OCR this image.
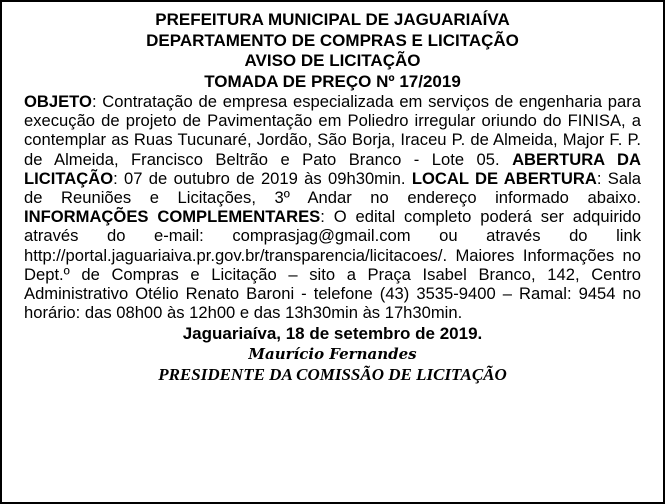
PREFEITURA MUNICIPAL DE JAGUARIAÍVA
DEPARTAMENTO DE COMPRAS E LICITAÇÃO
AVISO DE LICITAÇÃO
TOMADA DE PREÇO Nº 17/2019
OBJETO: Contratação de empresa especializada em serviços de engenharia para execução de projeto de Pavimentação em Poliedro irregular oriundo do FINISA, a contemplar as Ruas Tucunaré, Jordão, São Borja, Iraceu P. de Almeida, Major F. P. de Almeida, Francisco Beltrão e Pato Branco - Lote 05. ABERTURA DA LICITAÇÃO: 07 de outubro de 2019 às 09h30min. LOCAL DE ABERTURA: Sala de Reuniões e Licitações, 3º Andar no endereço informado abaixo. INFORMAÇÕES COMPLEMENTARES: O edital completo poderá ser adquirido através do e-mail: comprasjag@gmail.com ou através do link http://portal.jaguariaiva.pr.gov.br/transparencia/licitacoes/. Maiores Informações no Dept.º de Compras e Licitação – sito a Praça Isabel Branco, 142, Centro Administrativo Otélio Renato Baroni - telefone (43) 3535-9400 – Ramal: 9454 no horário: das 08h00 às 12h00 e das 13h30min às 17h30min.
Jaguariaíva, 18 de setembro de 2019.
Maurício Fernandes
PRESIDENTE DA COMISSÃO DE LICITAÇÃO
